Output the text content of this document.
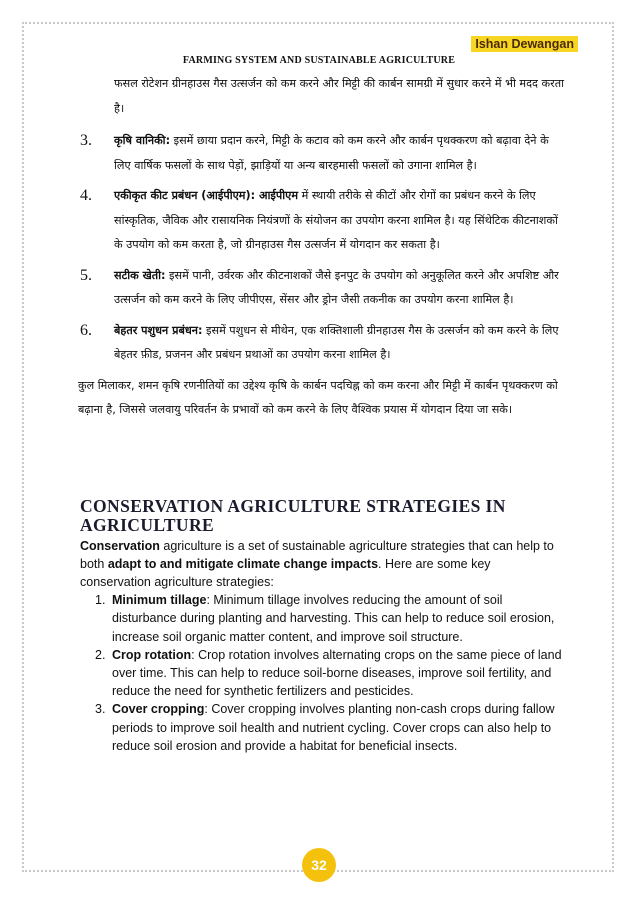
Ishan Dewangan
FARMING SYSTEM AND SUSTAINABLE AGRICULTURE

फसल रोटेशन ग्रीनहाउस गैस उत्सर्जन को कम करने और मिट्टी की कार्बन सामग्री में सुधार करने में भी मदद करता है।

3.	कृषि वानिकी: इसमें छाया प्रदान करने, मिट्टी के कटाव को कम करने और कार्बन पृथक्करण को बढ़ावा देने के लिए वार्षिक फसलों के साथ पेड़ों, झाड़ियों या अन्य बारहमासी फसलों को उगाना शामिल है।
4.	एकीकृत कीट प्रबंधन (आईपीएम): आईपीएम में स्थायी तरीके से कीटों और रोगों का प्रबंधन करने के लिए सांस्कृतिक, जैविक और रासायनिक नियंत्रणों के संयोजन का उपयोग करना शामिल है। यह सिंथेटिक कीटनाशकों के उपयोग को कम करता है, जो ग्रीनहाउस गैस उत्सर्जन में योगदान कर सकता है।
5.	सटीक खेती: इसमें पानी, उर्वरक और कीटनाशकों जैसे इनपुट के उपयोग को अनुकूलित करने और अपशिष्ट और उत्सर्जन को कम करने के लिए जीपीएस, सेंसर और ड्रोन जैसी तकनीक का उपयोग करना शामिल है।
6.	बेहतर पशुधन प्रबंधन: इसमें पशुधन से मीथेन, एक शक्तिशाली ग्रीनहाउस गैस के उत्सर्जन को कम करने के लिए बेहतर फ़ीड, प्रजनन और प्रबंधन प्रथाओं का उपयोग करना शामिल है।

कुल मिलाकर, शमन कृषि रणनीतियों का उद्देश्य कृषि के कार्बन पदचिह्न को कम करना और मिट्टी में कार्बन पृथक्करण को बढ़ाना है, जिससे जलवायु परिवर्तन के प्रभावों को कम करने के लिए वैश्विक प्रयास में योगदान दिया जा सके।

CONSERVATION AGRICULTURE STRATEGIES IN AGRICULTURE

Conservation agriculture is a set of sustainable agriculture strategies that can help to both adapt to and mitigate climate change impacts. Here are some key conservation agriculture strategies:

1. Minimum tillage: Minimum tillage involves reducing the amount of soil disturbance during planting and harvesting. This can help to reduce soil erosion, increase soil organic matter content, and improve soil structure.
2. Crop rotation: Crop rotation involves alternating crops on the same piece of land over time. This can help to reduce soil-borne diseases, improve soil fertility, and reduce the need for synthetic fertilizers and pesticides.
3. Cover cropping: Cover cropping involves planting non-cash crops during fallow periods to improve soil health and nutrient cycling. Cover crops can also help to reduce soil erosion and provide a habitat for beneficial insects.
32
